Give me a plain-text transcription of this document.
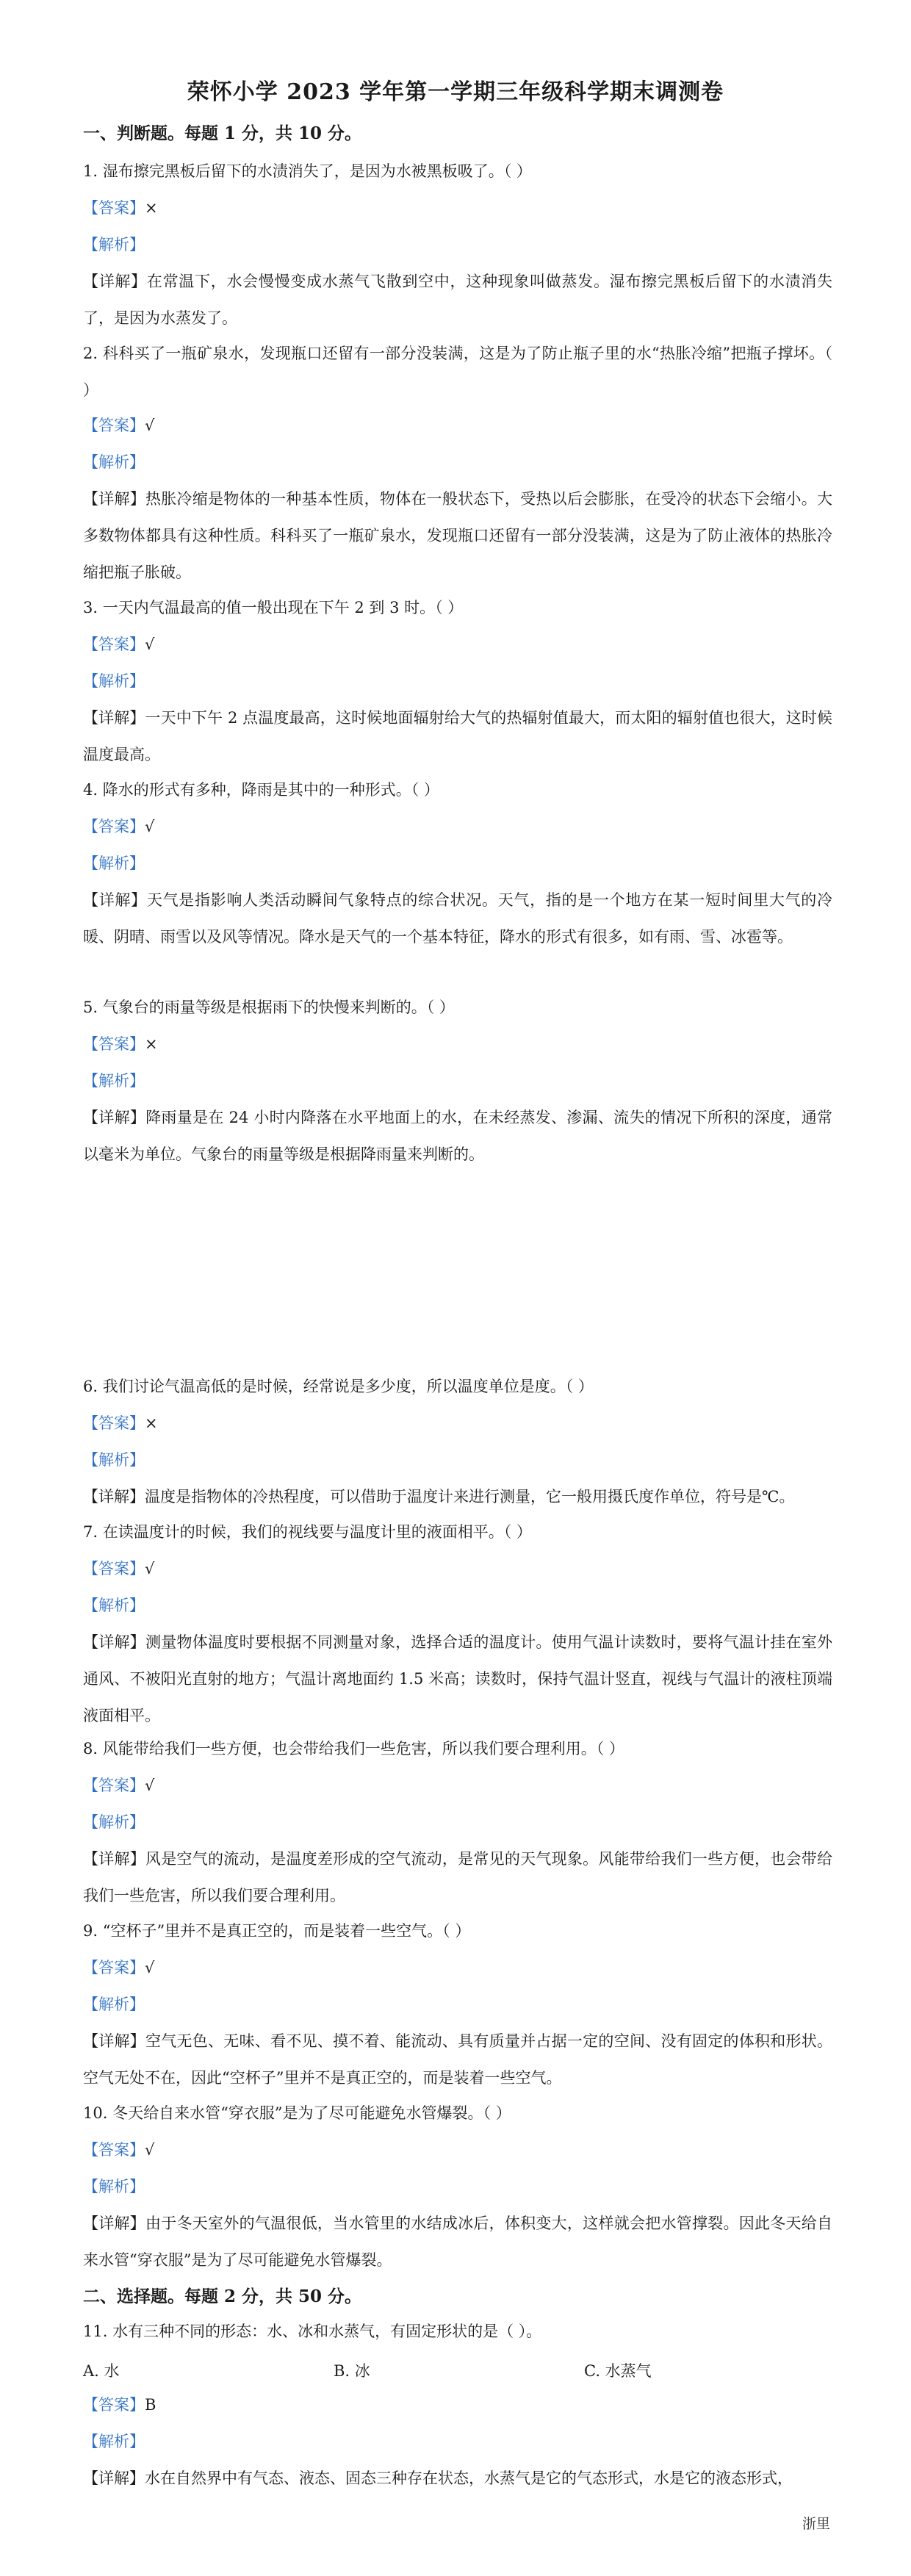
荣怀小学 2023 学年第一学期三年级科学期末调测卷
一、判断题。每题 1 分，共 10 分。
1. 湿布擦完黑板后留下的水渍消失了，是因为水被黑板吸了。（ ）
【答案】×
【解析】
【详解】在常温下，水会慢慢变成水蒸气飞散到空中，这种现象叫做蒸发。湿布擦完黑板后留下的水渍消失了，是因为水蒸发了。
2. 科科买了一瓶矿泉水，发现瓶口还留有一部分没装满，这是为了防止瓶子里的水“热胀冷缩”把瓶子撑坏。（ ）
【答案】√
【解析】
【详解】热胀冷缩是物体的一种基本性质，物体在一般状态下，受热以后会膨胀，在受冷的状态下会缩小。大多数物体都具有这种性质。科科买了一瓶矿泉水，发现瓶口还留有一部分没装满，这是为了防止液体的热胀冷缩把瓶子胀破。
3. 一天内气温最高的值一般出现在下午 2 到 3 时。（ ）
【答案】√
【解析】
【详解】一天中下午 2 点温度最高，这时候地面辐射给大气的热辐射值最大，而太阳的辐射值也很大，这时候温度最高。
4. 降水的形式有多种，降雨是其中的一种形式。（ ）
【答案】√
【解析】
【详解】天气是指影响人类活动瞬间气象特点的综合状况。天气，指的是一个地方在某一短时间里大气的冷暖、阴晴、雨雪以及风等情况。降水是天气的一个基本特征，降水的形式有很多，如有雨、雪、冰雹等。
5. 气象台的雨量等级是根据雨下的快慢来判断的。（ ）
【答案】×
【解析】
【详解】降雨量是在 24 小时内降落在水平地面上的水，在未经蒸发、渗漏、流失的情况下所积的深度，通常以毫米为单位。气象台的雨量等级是根据降雨量来判断的。
6. 我们讨论气温高低的是时候，经常说是多少度，所以温度单位是度。（ ）
【答案】×
【解析】
【详解】温度是指物体的冷热程度，可以借助于温度计来进行测量，它一般用摄氏度作单位，符号是℃。
7. 在读温度计的时候，我们的视线要与温度计里的液面相平。（ ）
【答案】√
【解析】
【详解】测量物体温度时要根据不同测量对象，选择合适的温度计。使用气温计读数时，要将气温计挂在室外通风、不被阳光直射的地方；气温计离地面约 1.5 米高；读数时，保持气温计竖直，视线与气温计的液柱顶端液面相平。
8. 风能带给我们一些方便，也会带给我们一些危害，所以我们要合理利用。（ ）
【答案】√
【解析】
【详解】风是空气的流动，是温度差形成的空气流动，是常见的天气现象。风能带给我们一些方便，也会带给我们一些危害，所以我们要合理利用。
9. “空杯子”里并不是真正空的，而是装着一些空气。（ ）
【答案】√
【解析】
【详解】空气无色、无味、看不见、摸不着、能流动、具有质量并占据一定的空间、没有固定的体积和形状。空气无处不在，因此“空杯子”里并不是真正空的，而是装着一些空气。
10. 冬天给自来水管“穿衣服”是为了尽可能避免水管爆裂。（ ）
【答案】√
【解析】
【详解】由于冬天室外的气温很低，当水管里的水结成冰后，体积变大，这样就会把水管撑裂。因此冬天给自来水管“穿衣服”是为了尽可能避免水管爆裂。
二、选择题。每题 2 分，共 50 分。
11. 水有三种不同的形态：水、冰和水蒸气，有固定形状的是（ ）。
A. 水	B. 冰	C. 水蒸气
【答案】B
【解析】
【详解】水在自然界中有气态、液态、固态三种存在状态，水蒸气是它的气态形式，水是它的液态形式，
浙里
